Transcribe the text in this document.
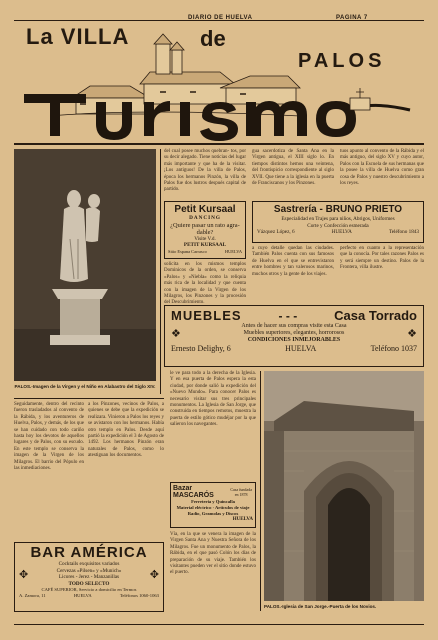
DIARIO DE HUELVA	PAGINA 7
La VILLA	de
PALOS
PALOS.-Imagen de la Virgen y el Niño en Alabastro del Siglo XIV.
del cual posee muchos quebran- tos, por su decir alegado. Tiene noticias del lugar más importante y que ha de la visitar. ¡Los antiguos! De la villa de Palos, época los hermanos Pinzón, la villa de Palos fue dos lustros después capital de partido.
gua sacerdotiza de Santa Ana en la Virgen antigua, el XIII siglo lo. En tiempos distintos hemos una veintena, del frontispicio correspondiente al siglo XVII. Que tiene a la iglesia en la puerta de Franciscanos y los Pinzones.
tuos apunto al convento de la Rábida y el más antiguo, del siglo XV y cuyo autor, Palos con la Escuela de sus hermanas que la posee la villa de Huelva como gran cosa de Palos y nuestro descubrimiento a los reyes.
Petit Kursaal
DANCING
¿Quiere pasar un rato agra-
dable?
Visite V.d.
PETIT KURSAAL
Sitio Espana Carrasco	HUELVA
Sastrería - BRUNO PRIETO
Especialidad en Trajes para niños, Abrigos, Uniformes
Corte y Confección esmerada
Vázquez López, 6	HUELVA	Teléfono 1843
a cuyo detalle quedan las ciudades. También Palos cuenta con sus famosos de Huelva en el que se entrevistaron entre hombres y tan valerosos marinos, muchos otros y la gente de los viajes.
perfecto en cuanto a la representación que la conocía. Por tales razones Palos es y será siempre un destino. Palos de la Frontera, villa ilustre.
solicita en los mismos templos Dominicos de la orden, se conserva «Palos» y «Niebla» como la reliquia más rica de la localidad y que cuenta con la imagen de la Virgen de los Milagros, los Pinzones y la procesión del Descubrimiento.
MUEBLES	- - -	Casa Torrado
❖
Antes de hacer sus compras visite esta Casa
Muebles superiores, elegantes, horrorosos
CONDICIONES INMEJORABLES	❖
Ernesto Delighy, 6	HUELVA	Teléfono 1037
Seguidamente, dentro del recinto fueron trasladados al convento de la Rábida, y los aventureros de Huelva, Palos, y demás, de los que se han cuidado con todo cariño hasta hoy los devotos de aquellos lugares y de Palos, con su escudo. En este templo se conserva la imagen de la Virgen de los Milagros. El barrio del Pópulo en las inmediaciones.
a los Pinzones, vecinos de Palos, a quienes se debe que la expedición se realizara. Vinieron a Palos los reyes y se avistaron con los hermanos. Había otro templo en Palos. Desde aquí partió la expedición el 3 de Agosto de 1492. Los hermanos Pinzón eran naturales de Palos, como lo atestiguan los documentos.
le ve para todo a la derecha de la Iglesia. Y en esa puerta de Palos espera la esta ciudad, por donde salió la expedición del «Nuevo Mundo». Para conocer Palos es necesario visitar sus tres principales monumentos. La Iglesia de San Jorge, que construida en tiempos remotos, muestra la puerta de estilo gótico mudéjar por la que salieron los navegantes.
Bazar MASCARÓS
Casa fundada en 1878
Ferretería y Quincalla
Material eléctrico · Artículos de viaje
Radio, Gramolas y Discos
HUELVA
Vía, en la que se venera la imagen de la Virgen Santa Ana y Nuestra Señora de los Milagros. Fue un monumento de Palos, la Rábida, en el que pasó Colón los días de preparación de su viaje. También los visitantes pueden ver el sitio donde estuvo el puerto.
PALOS.-Iglesia de San Jorge.-Puerta de los Novios.
BAR AMÉRICA
✥
Cocktails exquisitos variados
Cervezas «Pilsen» y «Munich»
Licores - Jerez - Manzanillas
TODO SELECTO
✥
CAFÉ SUPERIOR, Servicio a domicilio en Termos
A. Zamora, 11	HUELVA	Teléfonos 1060-1063
